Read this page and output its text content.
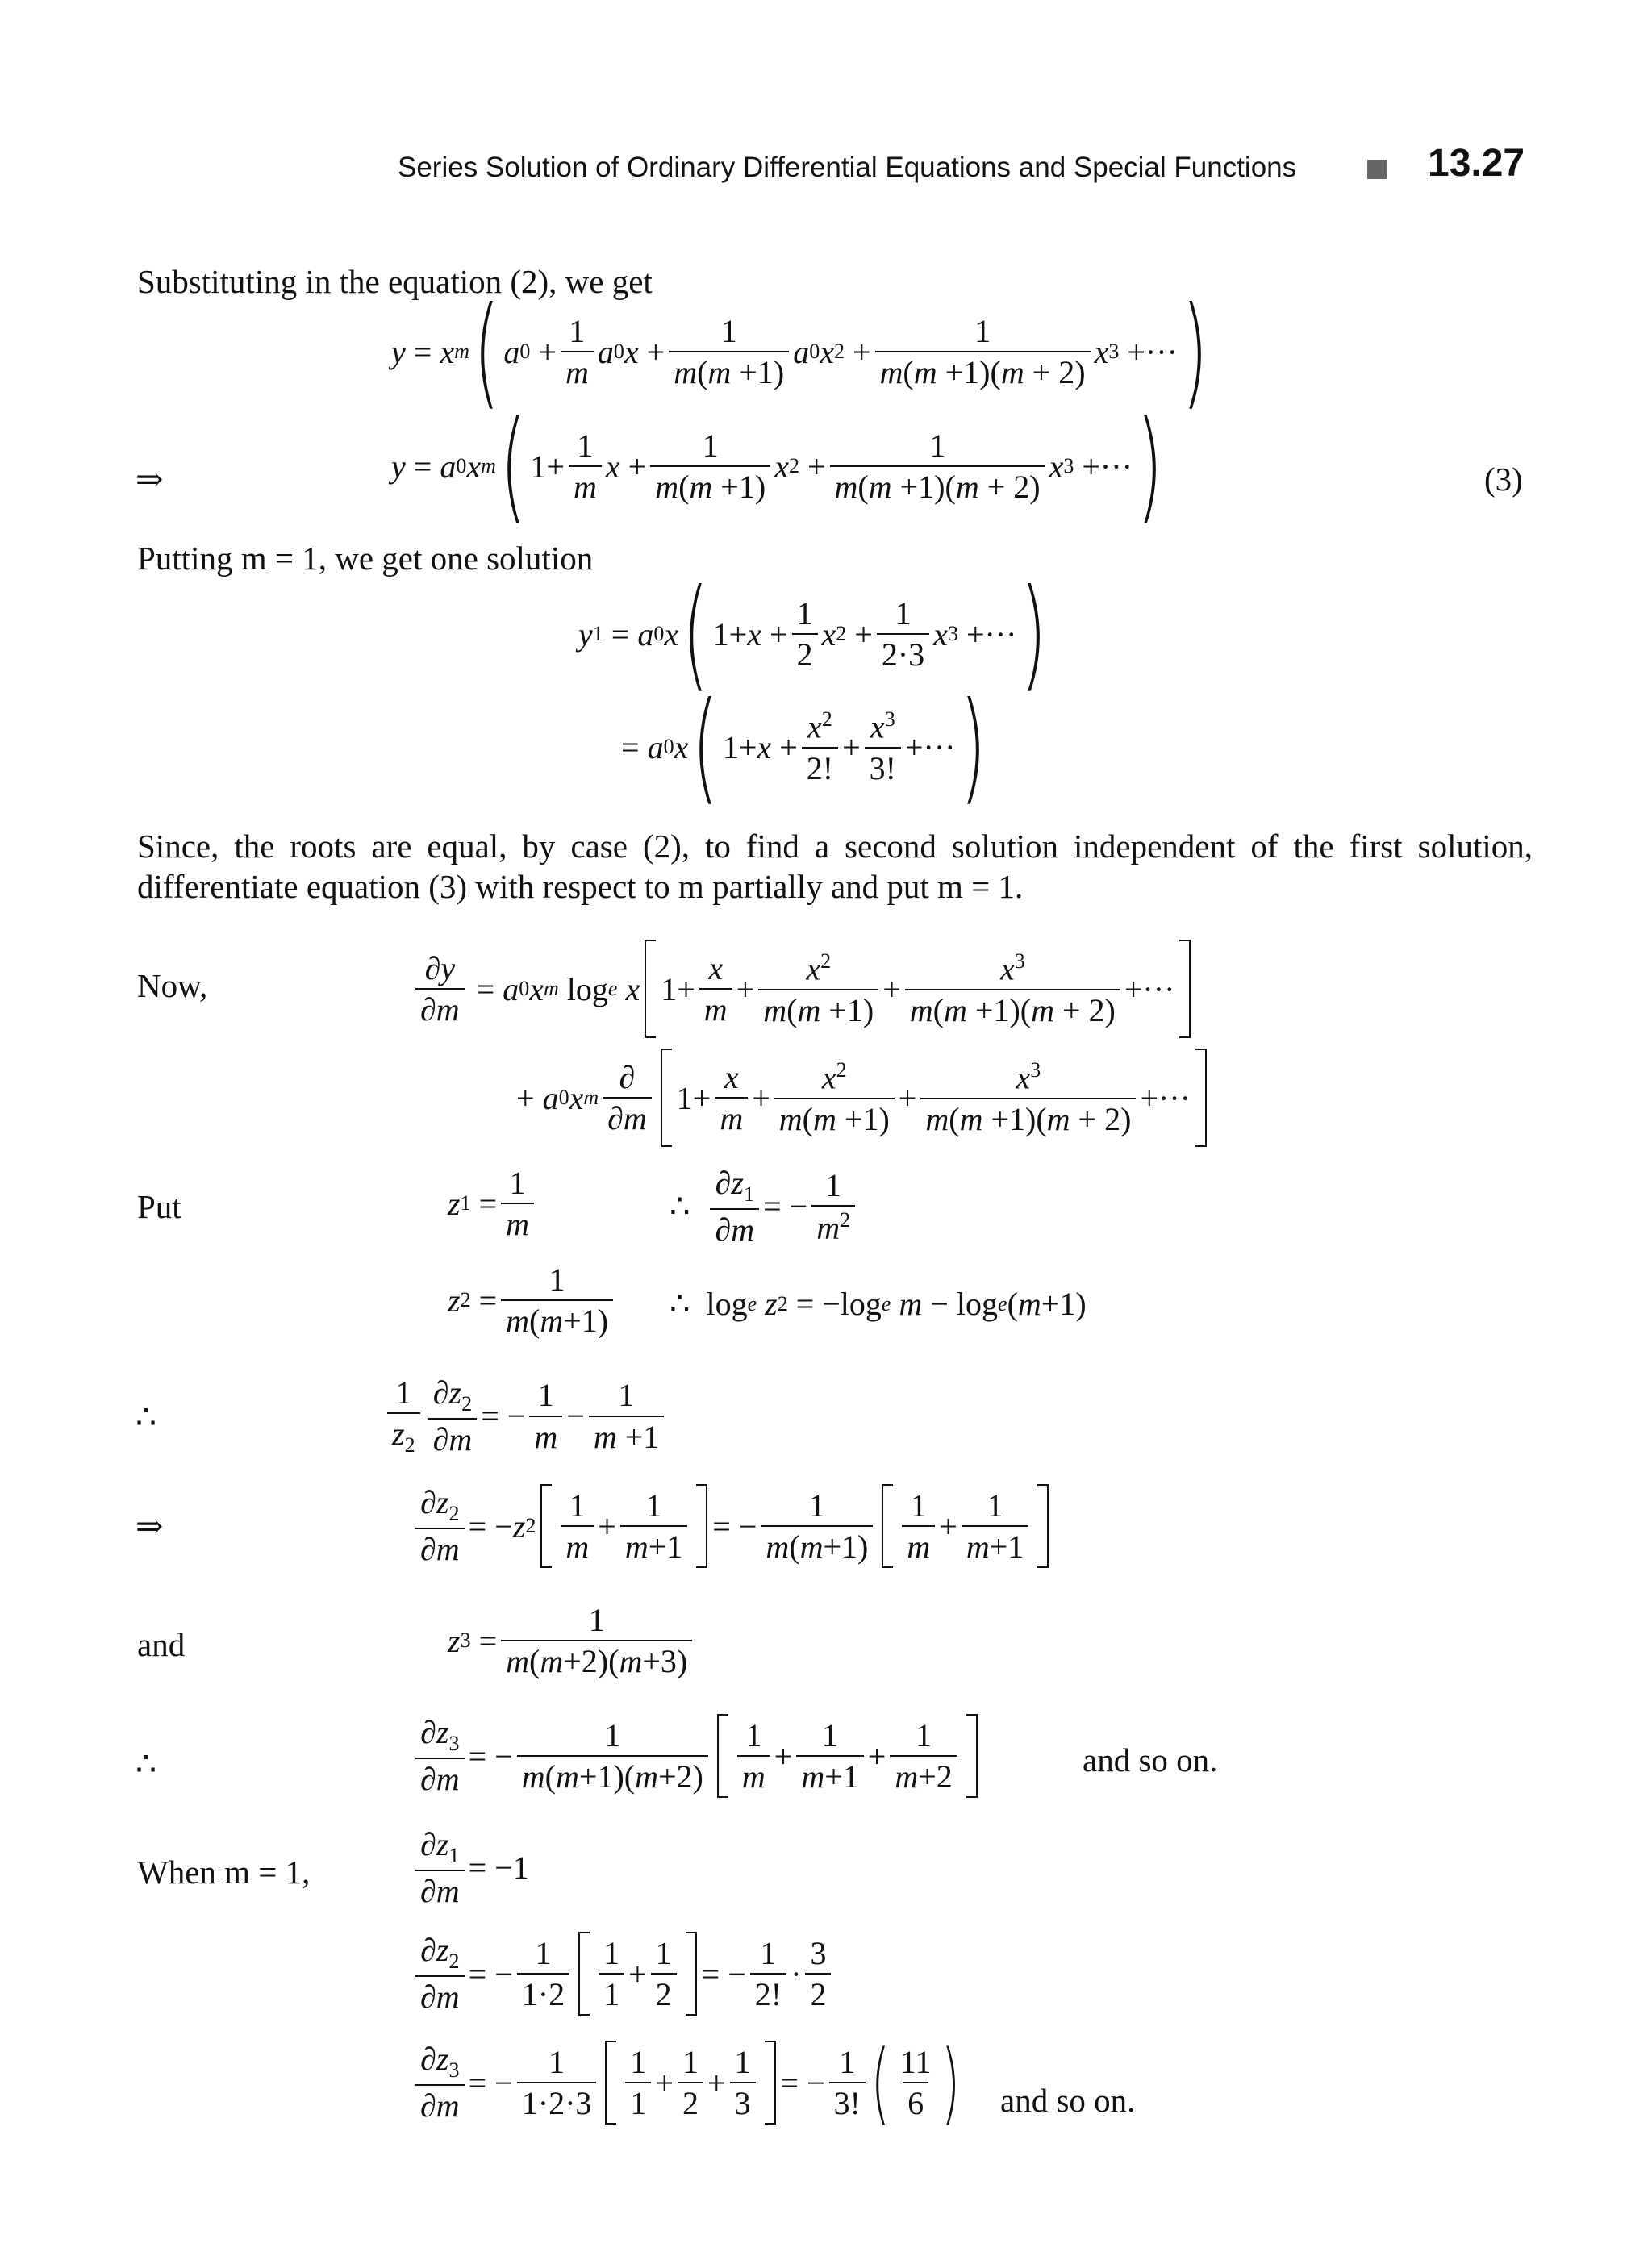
Series Solution of Ordinary Differential Equations and Special Functions	13.27
Substituting in the equation (2), we get
y = x m ( a $0 + \frac{1}{m}$ a 0 $x + \frac{1}{m(m +1)}$ a 0 x $2 + \frac{1}{m(m +1)(m + 2)}$ x 3 +··· )
⇒	y = a 0 x m ( $1+ \frac{1}{m}$ $x + \frac{1}{m(m +1)}$ x $2 + \frac{1}{m(m +1)(m + 2)}$ x 3 +··· )	(3)
Putting m = 1, we get one solution
y 1 = a 0 x ( $1+ x + \frac{1}{2}$ x $2 + \frac{1}{2\cdot 3}$ x 3 +··· )
= a 0 x ( $1+ x + \frac{x^2}{2!} + \frac{x^3}{3!}$ +··· )
Since, the roots are equal, by case (2), to find a second solution independent of the first solution,
differentiate equation (3) with respect to m partially and put m = 1.
Now,	$\frac{\partial y}{\partial m} = a$ 0 x m log e
x $1+ \frac{x}{m} + \frac{x^2}{m(m +1)} + \frac{x^3}{m(m +1)(m + 2)}$ +···
+ a 0 x m $\frac{\partial}{\partial m} 1+ \frac{x}{m} + \frac{x^2}{m(m +1)} + \frac{x^3}{m(m +1)(m + 2)}$ +···
Put	z $1 = \frac{1}{m}$	∴ $\frac{\partial z_1}{\partial m}$ = − $\frac{1}{m^2}$
z $2 = \frac{1}{m(m+1)}$ ∴  log e
z 2 = −log e
m − log e ( m +1)
∴	$\frac{1}{z_2} \frac{\partial z_2}{\partial m}$ = − $\frac{1}{m} - \frac{1}{m +1}$
⇒	$\frac{\partial z_2}{\partial m}$ = − z $2 \frac{1}{m} + \frac{1}{m+1}$ = − $\frac{1}{m(m+1)} \frac{1}{m} + \frac{1}{m+1}$
and	z $3 = \frac{1}{m(m+2)(m+3)}$
∴	$\frac{\partial z_3}{\partial m}$ = − $\frac{1}{m(m+1)(m+2)} \frac{1}{m} + \frac{1}{m+1} + \frac{1}{m+2}$	and so on.
When m = 1,	$\frac{\partial z_1}{\partial m} = -1$
$\frac{\partial z_2}{\partial m}$ = − $\frac{1}{1\cdot 2} \frac{1}{1} + \frac{1}{2}$ = − $\frac{1}{2!} \cdot \frac{3}{2}$
$\frac{\partial z_3}{\partial m}$ = − $\frac{1}{1\cdot 2\cdot 3} \frac{1}{1} + \frac{1}{2} + \frac{1}{3}$ = − $\frac{1}{3!}$ ( $\frac{11}{6}$ ) and so on.
